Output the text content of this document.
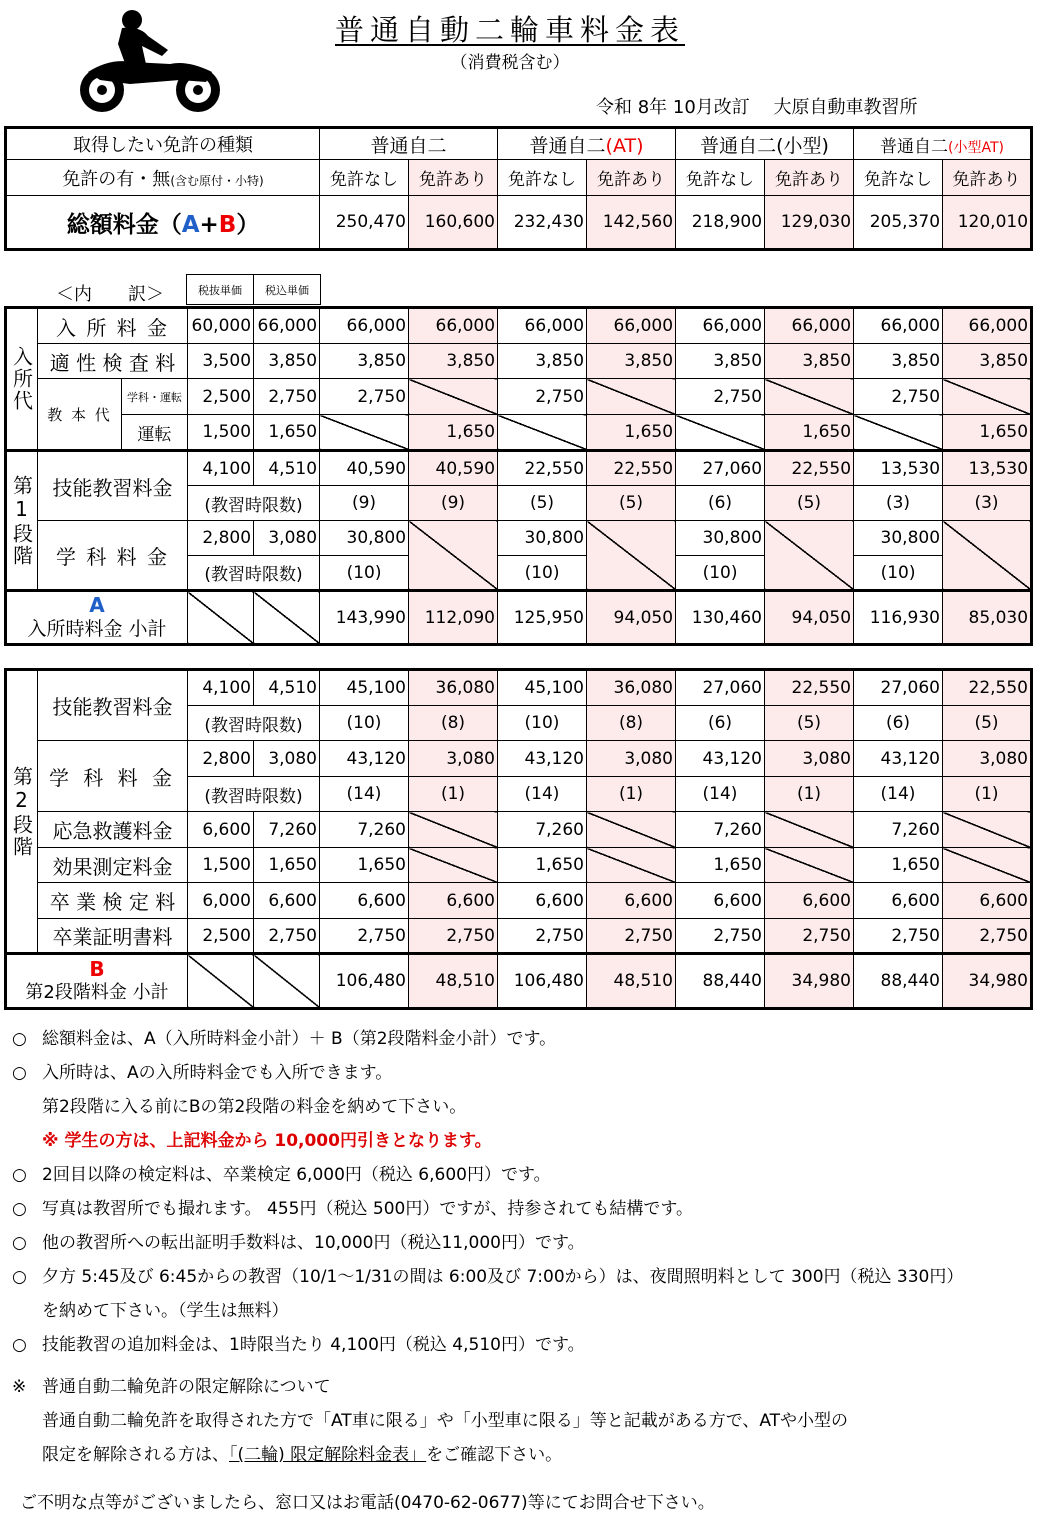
普通自動二輪車料金表
（消費税含む）
令和 8年 10月改訂　 大原自動車教習所
取得したい免許の種類	普通自二		普通自二(AT)		普通自二(小型)		普通自二(小型AT)	
免許の有・無(含む原付・小特)	免許なし	免許あり	免許なし	免許あり	免許なし	免許あり	免許なし	免許あり
総額料金（A+B）	250,470	160,600	232,430	142,560	218,900	129,030	205,370	120,010
＜内　　訳＞	税抜単価	税込単価
入所代	入 所 料 金		60,000	66,000	66,000	66,000	66,000	66,000	66,000	66,000	66,000	66,000
	適 性 検 査 料		3,500	3,850	3,850	3,850	3,850	3,850	3,850	3,850	3,850	3,850
	教 本 代	学科・運転	2,500	2,750	2,750		2,750		2,750		2,750	
		運転	1,500	1,650		1,650		1,650		1,650		1,650
第1段階	技能教習料金		4,100	4,510	40,590	40,590	22,550	22,550	27,060	22,550	13,530	13,530
			(教習時限数)		(9)	(9)	(5)	(5)	(6)	(5)	(3)	(3)
	学 科 料 金		2,800	3,080	30,800		30,800		30,800		30,800	
			(教習時限数)		(10)		(10)		(10)		(10)	
A
入所時料金 小計					143,990	112,090	125,950	94,050	130,460	94,050	116,930	85,030
第2段階	技能教習料金	4,100	4,510	45,100	36,080	45,100	36,080	27,060	22,550	27,060	22,550
		(教習時限数)		(10)	(8)	(10)	(8)	(6)	(5)	(6)	(5)
	学 科 料 金	2,800	3,080	43,120	3,080	43,120	3,080	43,120	3,080	43,120	3,080
		(教習時限数)		(14)	(1)	(14)	(1)	(14)	(1)	(14)	(1)
	応急救護料金	6,600	7,260	7,260		7,260		7,260		7,260	
	効果測定料金	1,500	1,650	1,650		1,650		1,650		1,650	
	卒 業 検 定 料	6,000	6,600	6,600	6,600	6,600	6,600	6,600	6,600	6,600	6,600
	卒業証明書料	2,500	2,750	2,750	2,750	2,750	2,750	2,750	2,750	2,750	2,750
B
第2段階料金 小計				106,480	48,510	106,480	48,510	88,440	34,980	88,440	34,980
○ 総額料金は、A（入所時料金小計）＋ B（第2段階料金小計）です。
○ 入所時は、Aの入所時料金でも入所できます。
第2段階に入る前にBの第2段階の料金を納めて下さい。
※ 学生の方は、上記料金から 10,000円引きとなります。
○ 2回目以降の検定料は、卒業検定 6,000円（税込 6,600円）です。
○ 写真は教習所でも撮れます。 455円（税込 500円）ですが、持参されても結構です。
○ 他の教習所への転出証明手数料は、10,000円（税込11,000円）です。
○ 夕方 5:45及び 6:45からの教習（10/1～1/31の間は 6:00及び 7:00から）は、夜間照明料として 300円（税込 330円）
を納めて下さい。（学生は無料）
○ 技能教習の追加料金は、1時限当たり 4,100円（税込 4,510円）です。
※ 普通自動二輪免許の限定解除について
普通自動二輪免許を取得された方で「AT車に限る」や「小型車に限る」等と記載がある方で、ATや小型の
限定を解除される方は、「(二輪) 限定解除料金表」をご確認下さい。
ご不明な点等がございましたら、窓口又はお電話(0470-62-0677)等にてお問合せ下さい。
